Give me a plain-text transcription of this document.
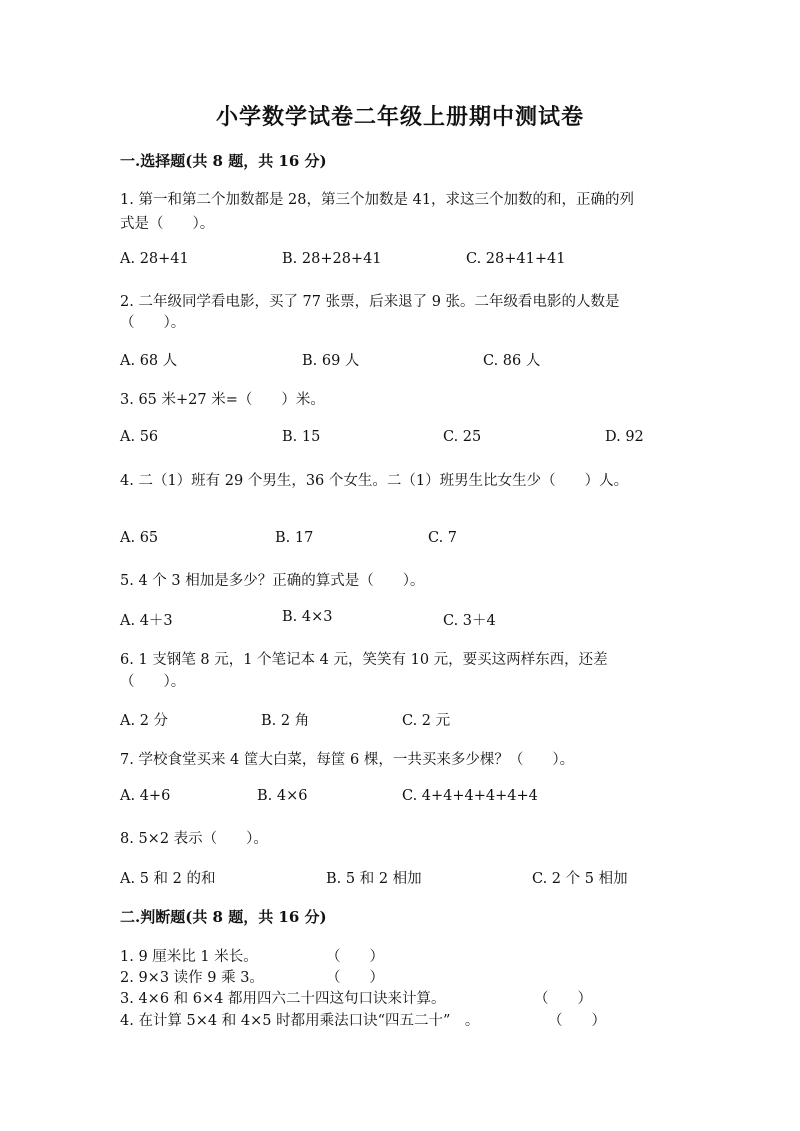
小学数学试卷二年级上册期中测试卷
一.选择题(共 8 题，共 16 分)
1. 第一和第二个加数都是 28，第三个加数是 41，求这三个加数的和，正确的列
式是（　　）。
A. 28+41	B. 28+28+41	C. 28+41+41
2. 二年级同学看电影，买了 77 张票，后来退了 9 张。二年级看电影的人数是
（　　）。
A. 68 人	B. 69 人	C. 86 人
3. 65 米+27 米=（　　）米。
A. 56	B. 15	C. 25	D. 92
4. 二（1）班有 29 个男生，36 个女生。二（1）班男生比女生少（　　）人。
A. 65	B. 17	C. 7
5. 4 个 3 相加是多少？正确的算式是（　　）。
A. 4＋3	B. 4×3	C. 3＋4
6. 1 支钢笔 8 元，1 个笔记本 4 元，笑笑有 10 元，要买这两样东西，还差
（　　）。
A. 2 分	B. 2 角	C. 2 元
7. 学校食堂买来 4 筐大白菜，每筐 6 棵，一共买来多少棵？（　　）。
A. 4+6	B. 4×6	C. 4+4+4+4+4+4
8. 5×2 表示（　　）。
A. 5 和 2 的和	B. 5 和 2 相加	C. 2 个 5 相加
二.判断题(共 8 题，共 16 分)
1. 9 厘米比 1 米长。	（　　）
2. 9×3 读作 9 乘 3。	（　　）
3. 4×6 和 6×4 都用四六二十四这句口诀来计算。	（　　）
4. 在计算 5×4 和 4×5 时都用乘法口诀“四五二十”　。	（　　）
